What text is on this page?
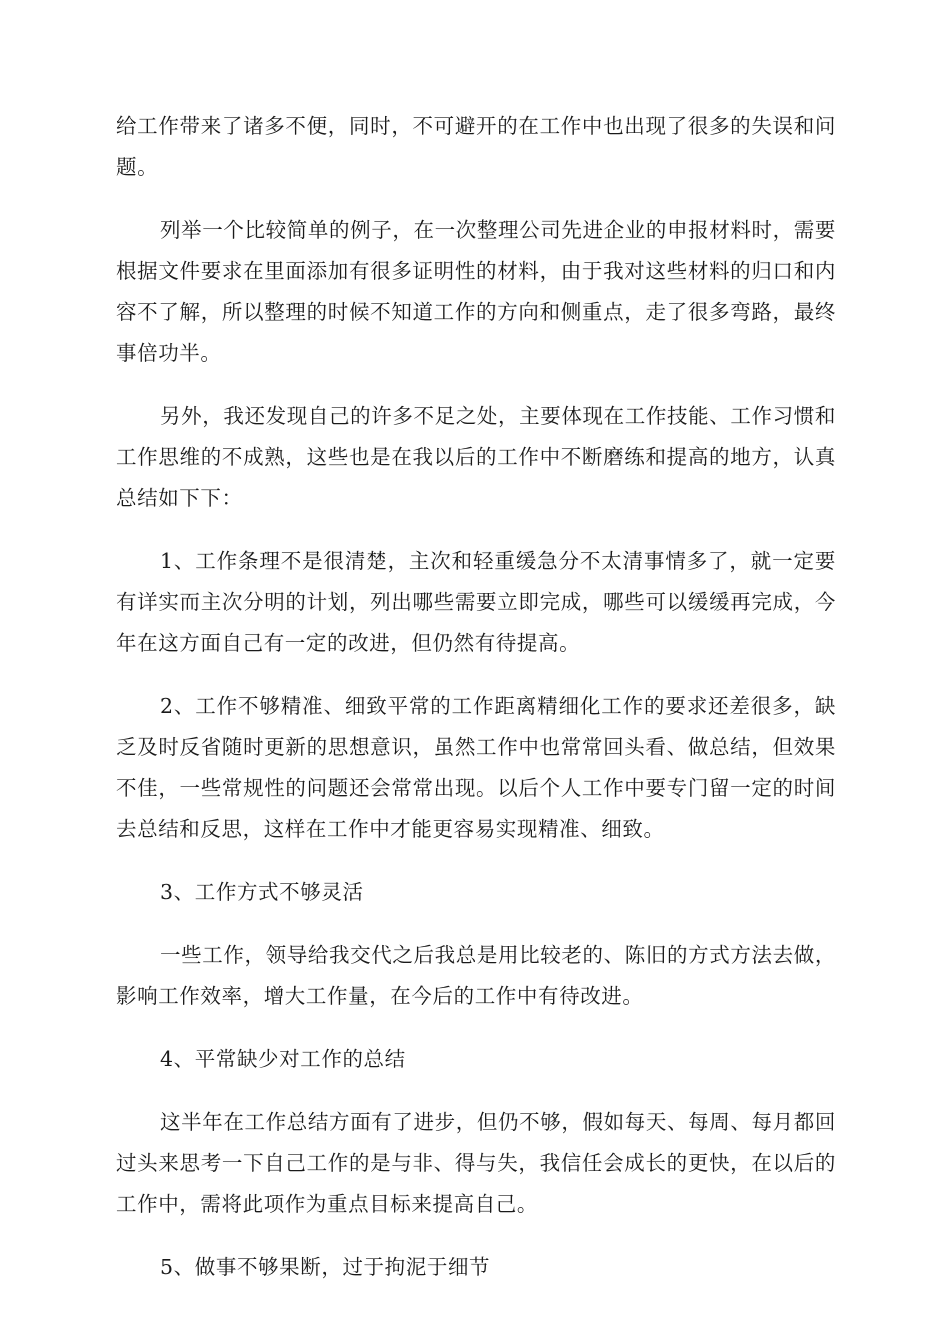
给工作带来了诸多不便，同时，不可避开的在工作中也出现了很多的失误和问题。

列举一个比较简单的例子，在一次整理公司先进企业的申报材料时，需要根据文件要求在里面添加有很多证明性的材料，由于我对这些材料的归口和内容不了解，所以整理的时候不知道工作的方向和侧重点，走了很多弯路，最终事倍功半。

另外，我还发现自己的许多不足之处，主要体现在工作技能、工作习惯和工作思维的不成熟，这些也是在我以后的工作中不断磨练和提高的地方，认真总结如下下：

1、工作条理不是很清楚，主次和轻重缓急分不太清事情多了，就一定要有详实而主次分明的计划，列出哪些需要立即完成，哪些可以缓缓再完成，今年在这方面自己有一定的改进，但仍然有待提高。

2、工作不够精准、细致平常的工作距离精细化工作的要求还差很多，缺乏及时反省随时更新的思想意识，虽然工作中也常常回头看、做总结，但效果不佳，一些常规性的问题还会常常出现。以后个人工作中要专门留一定的时间去总结和反思，这样在工作中才能更容易实现精准、细致。

3、工作方式不够灵活

一些工作，领导给我交代之后我总是用比较老的、陈旧的方式方法去做，影响工作效率，增大工作量，在今后的工作中有待改进。

4、平常缺少对工作的总结

这半年在工作总结方面有了进步，但仍不够，假如每天、每周、每月都回过头来思考一下自己工作的是与非、得与失，我信任会成长的更快，在以后的工作中，需将此项作为重点目标来提高自己。

5、做事不够果断，过于拘泥于细节
